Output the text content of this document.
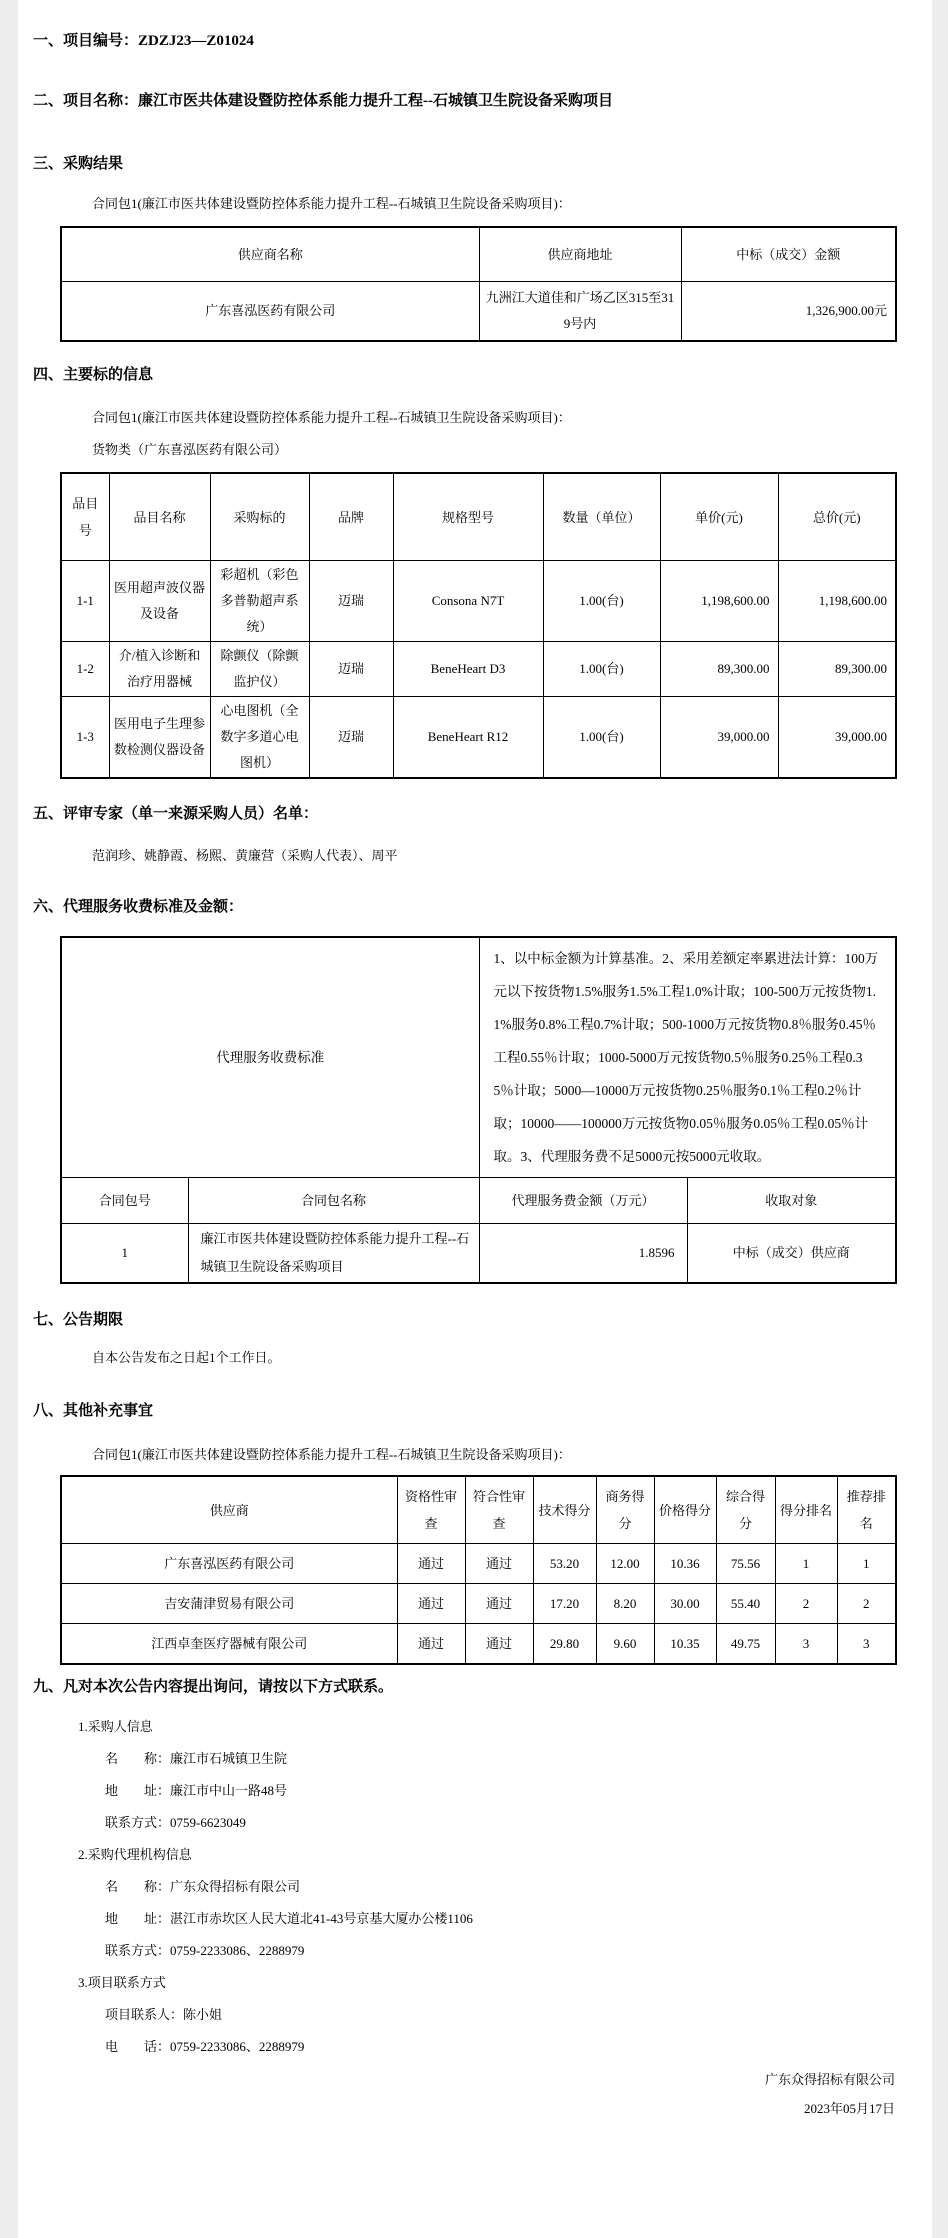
一、项目编号：ZDZJ23—Z01024
二、项目名称：廉江市医共体建设暨防控体系能力提升工程--石城镇卫生院设备采购项目
三、采购结果
合同包1(廉江市医共体建设暨防控体系能力提升工程--石城镇卫生院设备采购项目)：
供应商名称	供应商地址	中标（成交）金额
广东喜泓医药有限公司	九洲江大道佳和广场乙区315至319号内	1,326,900.00元
四、主要标的信息
合同包1(廉江市医共体建设暨防控体系能力提升工程--石城镇卫生院设备采购项目)：
货物类（广东喜泓医药有限公司）
品目号	品目名称	采购标的	品牌	规格型号	数量（单位）	单价(元)	总价(元)
1-1	医用超声波仪器及设备	彩超机（彩色多普勒超声系统）	迈瑞	Consona N7T	1.00(台)	1,198,600.00	1,198,600.00
1-2	介/植入诊断和治疗用器械	除颤仪（除颤监护仪）	迈瑞	BeneHeart D3	1.00(台)	89,300.00	89,300.00
1-3	医用电子生理参数检测仪器设备	心电图机（全数字多道心电图机）	迈瑞	BeneHeart R12	1.00(台)	39,000.00	39,000.00
五、评审专家（单一来源采购人员）名单：
范润珍、姚静霞、杨熙、黄廉营（采购人代表）、周平
六、代理服务收费标准及金额：
代理服务收费标准		1、以中标金额为计算基准。2、采用差额定率累进法计算：100万元以下按货物1.5%服务1.5%工程1.0%计取；100-500万元按货物1.1%服务0.8%工程0.7%计取；500-1000万元按货物0.8％服务0.45％工程0.55％计取；1000-5000万元按货物0.5％服务0.25％工程0.35％计取；5000—10000万元按货物0.25％服务0.1％工程0.2％计取；10000——100000万元按货物0.05％服务0.05％工程0.05％计取。3、代理服务费不足5000元按5000元收取。	
合同包号	合同包名称	代理服务费金额（万元）	收取对象
1	廉江市医共体建设暨防控体系能力提升工程--石城镇卫生院设备采购项目	1.8596	中标（成交）供应商
七、公告期限
自本公告发布之日起1个工作日。
八、其他补充事宜
合同包1(廉江市医共体建设暨防控体系能力提升工程--石城镇卫生院设备采购项目)：
供应商	资格性审查	符合性审查	技术得分	商务得分	价格得分	综合得分	得分排名	推荐排名
广东喜泓医药有限公司	通过	通过	53.20	12.00	10.36	75.56	1	1
吉安蒲津贸易有限公司	通过	通过	17.20	8.20	30.00	55.40	2	2
江西卓奎医疗器械有限公司	通过	通过	29.80	9.60	10.35	49.75	3	3
九、凡对本次公告内容提出询问，请按以下方式联系。
1.采购人信息
名　　称：廉江市石城镇卫生院
地　　址：廉江市中山一路48号
联系方式：0759-6623049
2.采购代理机构信息
名　　称：广东众得招标有限公司
地　　址：湛江市赤坎区人民大道北41-43号京基大厦办公楼1106
联系方式：0759-2233086、2288979
3.项目联系方式
项目联系人：陈小姐
电　　话：0759-2233086、2288979
广东众得招标有限公司
2023年05月17日
